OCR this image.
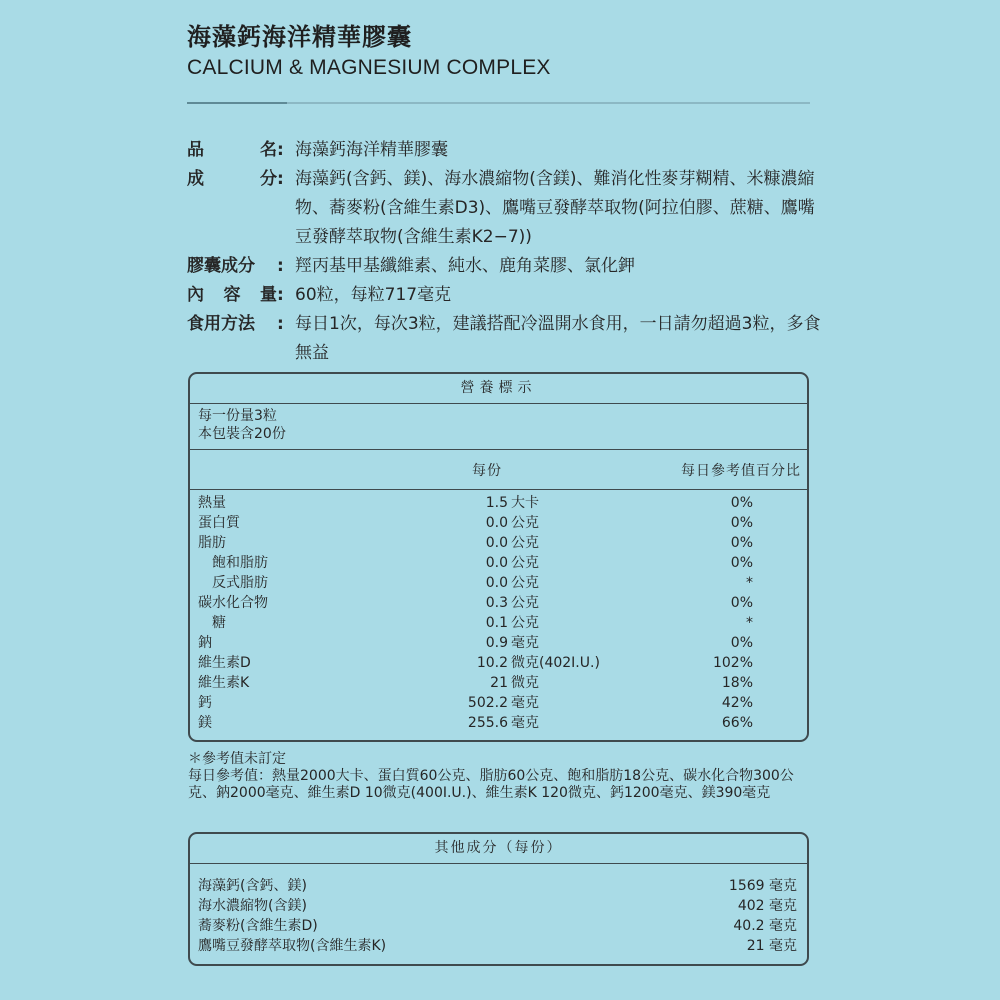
海藻鈣海洋精華膠囊
CALCIUM & MAGNESIUM COMPLEX
品	名 : 海藻鈣海洋精華膠囊
成	分 : 海藻鈣(含鈣、鎂)、海水濃縮物(含鎂)、難消化性麥芽糊精、米糠濃縮物、蕎麥粉(含維生素D3)、鷹嘴豆發酵萃取物(阿拉伯膠、蔗糖、鷹嘴豆發酵萃取物(含維生素K2−7))
膠囊成分 : 羥丙基甲基纖維素、純水、鹿角菜膠、氯化鉀
內 容 量 : 60粒，每粒717毫克
食用方法 : 每日1次，每次3粒，建議搭配冷溫開水食用，一日請勿超過3粒，多食無益
營養標示
每一份量3粒
本包裝含20份
每份	每日參考值百分比
熱量	1.5 大卡	0%
蛋白質	0.0 公克	0%
脂肪	0.0 公克	0%
飽和脂肪	0.0 公克	0%
反式脂肪	0.0 公克	*
碳水化合物	0.3 公克	0%
糖	0.1 公克	*
鈉	0.9 毫克	0%
維生素D	10.2 微克(402I.U.)	102%
維生素K	21 微克	18%
鈣	502.2 毫克	42%
鎂	255.6 毫克	66%
＊參考值未訂定
每日參考值：熱量2000大卡、蛋白質60公克、脂肪60公克、飽和脂肪18公克、碳水化合物300公克、鈉2000毫克、維生素D 10微克(400I.U.)、維生素K 120微克、鈣1200毫克、鎂390毫克
其他成分（每份）
海藻鈣(含鈣、鎂)	1569 毫克
海水濃縮物(含鎂)	402 毫克
蕎麥粉(含維生素D)	40.2 毫克
鷹嘴豆發酵萃取物(含維生素K)	21 毫克
